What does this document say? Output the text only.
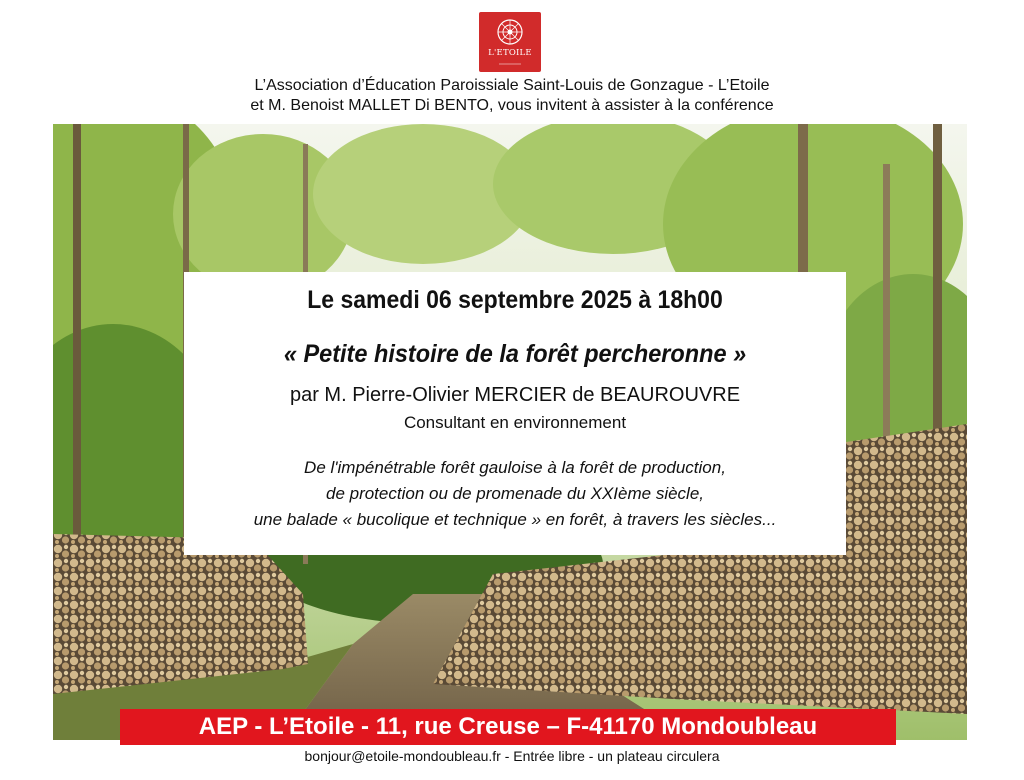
L'ETOILE
L’Association d’Éducation Paroissiale Saint-Louis de Gonzague - L’Etoile
et M. Benoist MALLET Di BENTO, vous invitent à assister à la conférence
Le samedi 06 septembre 2025 à 18h00
« Petite histoire de la forêt percheronne »
par M. Pierre-Olivier MERCIER de BEAUROUVRE
Consultant en environnement
De l'impénétrable forêt gauloise à la forêt de production,
de protection ou de promenade du XXIème siècle,
une balade « bucolique et technique » en forêt, à travers les siècles...
AEP - L’Etoile - 11, rue Creuse – F-41170 Mondoubleau
bonjour@etoile-mondoubleau.fr - Entrée libre - un plateau circulera
